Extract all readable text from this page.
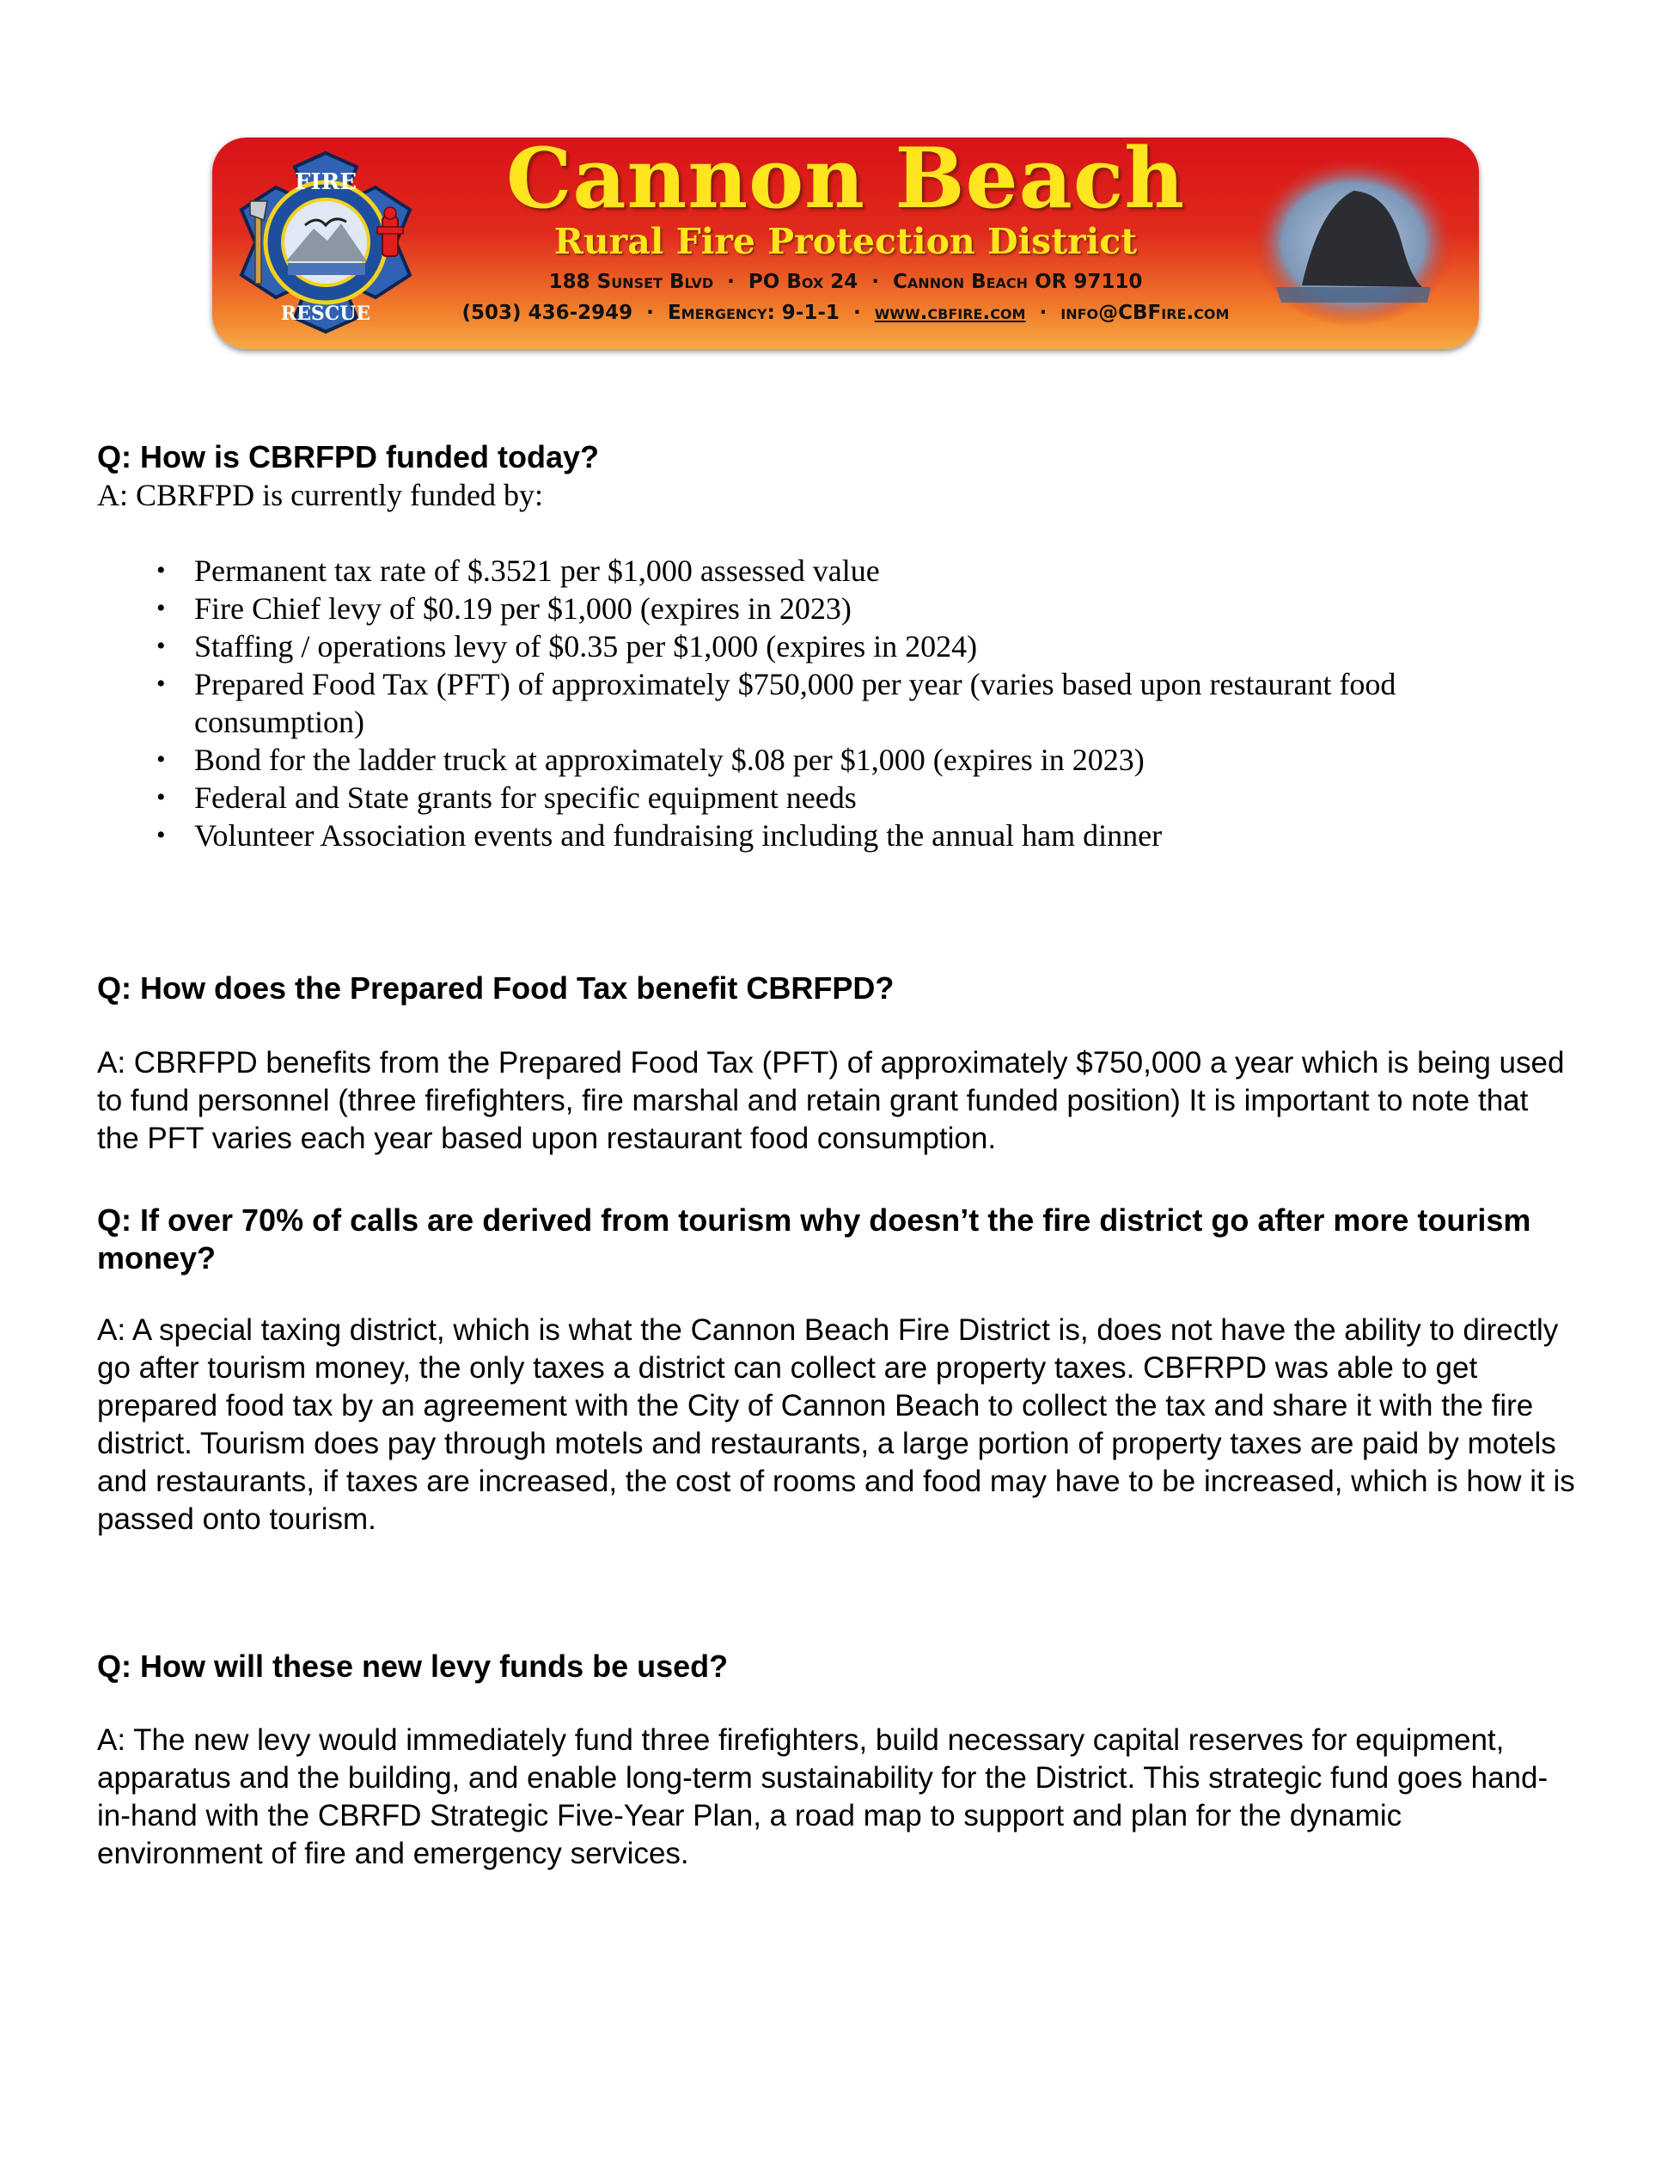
FIRE
RESCUE
Cannon Beach
Rural Fire Protection District
188 Sunset Blvd · PO Box 24 · Cannon Beach OR 97110
(503) 436-2949 · Emergency: 9-1-1 · www.cbfire.com · info@CBFire.com

Q: How is CBRFPD funded today?

A: CBRFPD is currently funded by:

• Permanent tax rate of $.3521 per $1,000 assessed value
• Fire Chief levy of $0.19 per $1,000 (expires in 2023)
• Staffing / operations levy of $0.35 per $1,000 (expires in 2024)
• Prepared Food Tax (PFT) of approximately $750,000 per year (varies based upon restaurant food consumption)
• Bond for the ladder truck at approximately $.08 per $1,000 (expires in 2023)
• Federal and State grants for specific equipment needs
• Volunteer Association events and fundraising including the annual ham dinner

Q: How does the Prepared Food Tax benefit CBRFPD?

A: CBRFPD benefits from the Prepared Food Tax (PFT) of approximately $750,000 a year which is being used to fund personnel (three firefighters, fire marshal and retain grant funded position) It is important to note that the PFT varies each year based upon restaurant food consumption.

Q: If over 70% of calls are derived from tourism why doesn’t the fire district go after more tourism money?

A: A special taxing district, which is what the Cannon Beach Fire District is, does not have the ability to directly go after tourism money, the only taxes a district can collect are property taxes. CBFRPD was able to get prepared food tax by an agreement with the City of Cannon Beach to collect the tax and share it with the fire district. Tourism does pay through motels and restaurants, a large portion of property taxes are paid by motels and restaurants, if taxes are increased, the cost of rooms and food may have to be increased, which is how it is passed onto tourism.

Q: How will these new levy funds be used?

A: The new levy would immediately fund three firefighters, build necessary capital reserves for equipment, apparatus and the building, and enable long-term sustainability for the District. This strategic fund goes hand-in-hand with the CBRFD Strategic Five-Year Plan, a road map to support and plan for the dynamic environment of fire and emergency services.
